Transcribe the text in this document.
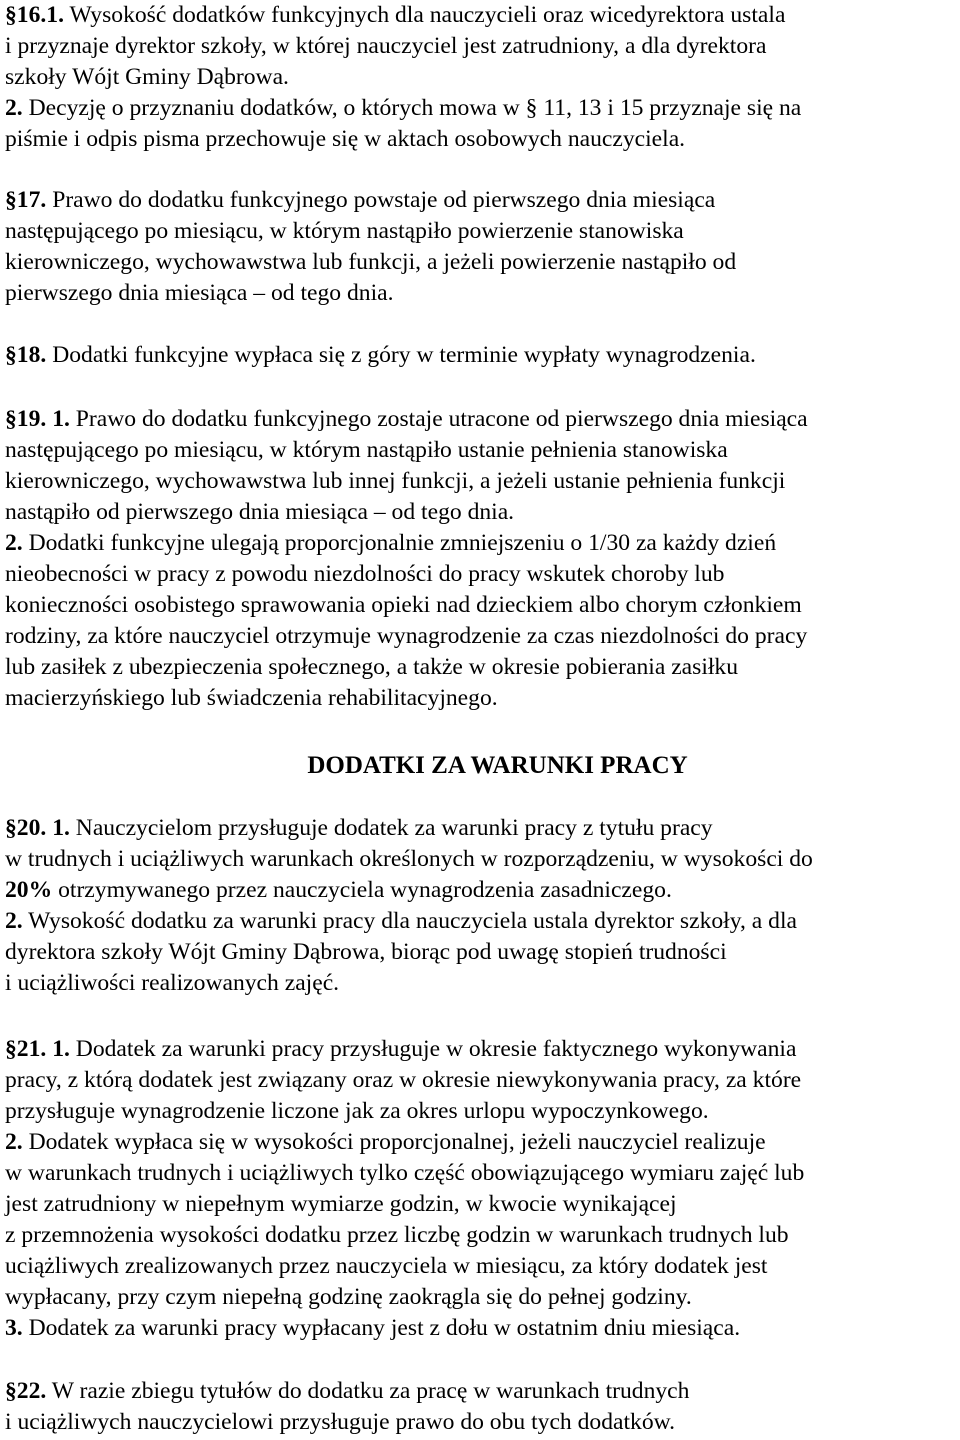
§16.1. Wysokość dodatków funkcyjnych dla nauczycieli oraz wicedyrektora ustala
i przyznaje dyrektor szkoły, w której nauczyciel jest zatrudniony, a dla dyrektora
szkoły Wójt Gminy Dąbrowa.
2. Decyzję o przyznaniu dodatków, o których mowa w § 11, 13 i 15 przyznaje się na
piśmie i odpis pisma przechowuje się w aktach osobowych nauczyciela.
§17. Prawo do dodatku funkcyjnego powstaje od pierwszego dnia miesiąca
następującego po miesiącu, w którym nastąpiło powierzenie stanowiska
kierowniczego, wychowawstwa lub funkcji, a jeżeli powierzenie nastąpiło od
pierwszego dnia miesiąca – od tego dnia.
§18. Dodatki funkcyjne wypłaca się z góry w terminie wypłaty wynagrodzenia.
§19. 1. Prawo do dodatku funkcyjnego zostaje utracone od pierwszego dnia miesiąca
następującego po miesiącu, w którym nastąpiło ustanie pełnienia stanowiska
kierowniczego, wychowawstwa lub innej funkcji, a jeżeli ustanie pełnienia funkcji
nastąpiło od pierwszego dnia miesiąca – od tego dnia.
2. Dodatki funkcyjne ulegają proporcjonalnie zmniejszeniu o 1/30 za każdy dzień
nieobecności w pracy z powodu niezdolności do pracy wskutek choroby lub
konieczności osobistego sprawowania opieki nad dzieckiem albo chorym członkiem
rodziny, za które nauczyciel otrzymuje wynagrodzenie za czas niezdolności do pracy
lub zasiłek z ubezpieczenia społecznego, a także w okresie pobierania zasiłku
macierzyńskiego lub świadczenia rehabilitacyjnego.
DODATKI ZA WARUNKI PRACY
§20. 1. Nauczycielom przysługuje dodatek za warunki pracy z tytułu pracy
w trudnych i uciążliwych warunkach określonych w rozporządzeniu, w wysokości do
20% otrzymywanego przez nauczyciela wynagrodzenia zasadniczego.
2. Wysokość dodatku za warunki pracy dla nauczyciela ustala dyrektor szkoły, a dla
dyrektora szkoły Wójt Gminy Dąbrowa, biorąc pod uwagę stopień trudności
i uciążliwości realizowanych zajęć.
§21. 1. Dodatek za warunki pracy przysługuje w okresie faktycznego wykonywania
pracy, z którą dodatek jest związany oraz w okresie niewykonywania pracy, za które
przysługuje wynagrodzenie liczone jak za okres urlopu wypoczynkowego.
2. Dodatek wypłaca się w wysokości proporcjonalnej, jeżeli nauczyciel realizuje
w warunkach trudnych i uciążliwych tylko część obowiązującego wymiaru zajęć lub
jest zatrudniony w niepełnym wymiarze godzin, w kwocie wynikającej
z przemnożenia wysokości dodatku przez liczbę godzin w warunkach trudnych lub
uciążliwych zrealizowanych przez nauczyciela w miesiącu, za który dodatek jest
wypłacany, przy czym niepełną godzinę zaokrągla się do pełnej godziny.
3. Dodatek za warunki pracy wypłacany jest z dołu w ostatnim dniu miesiąca.
§22. W razie zbiegu tytułów do dodatku za pracę w warunkach trudnych
i uciążliwych nauczycielowi przysługuje prawo do obu tych dodatków.
